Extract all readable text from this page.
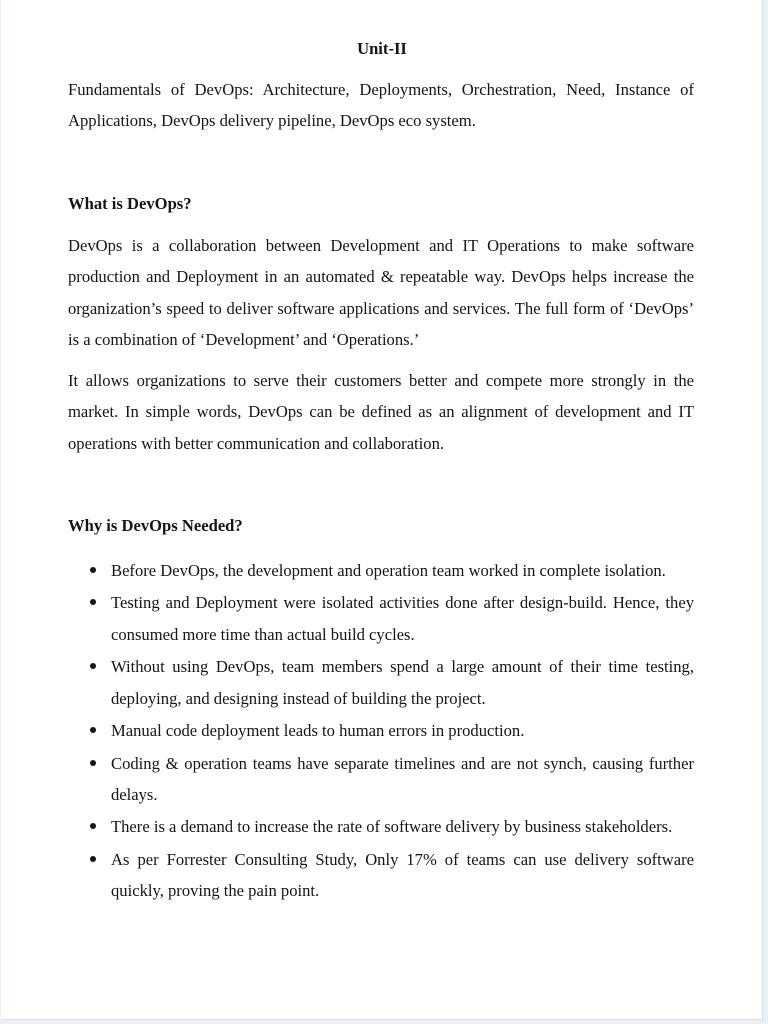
Unit-II

Fundamentals of DevOps: Architecture, Deployments, Orchestration, Need, Instance of Applications, DevOps delivery pipeline, DevOps eco system.

What is DevOps?

DevOps is a collaboration between Development and IT Operations to make software production and Deployment in an automated & repeatable way. DevOps helps increase the organization’s speed to deliver software applications and services. The full form of ‘DevOps’ is a combination of ‘Development’ and ‘Operations.’

It allows organizations to serve their customers better and compete more strongly in the market. In simple words, DevOps can be defined as an alignment of development and IT operations with better communication and collaboration.

Why is DevOps Needed?

Before DevOps, the development and operation team worked in complete isolation.
Testing and Deployment were isolated activities done after design-build. Hence, they consumed more time than actual build cycles.
Without using DevOps, team members spend a large amount of their time testing, deploying, and designing instead of building the project.
Manual code deployment leads to human errors in production.
Coding & operation teams have separate timelines and are not synch, causing further delays.
There is a demand to increase the rate of software delivery by business stakeholders.
As per Forrester Consulting Study, Only 17% of teams can use delivery software quickly, proving the pain point.
